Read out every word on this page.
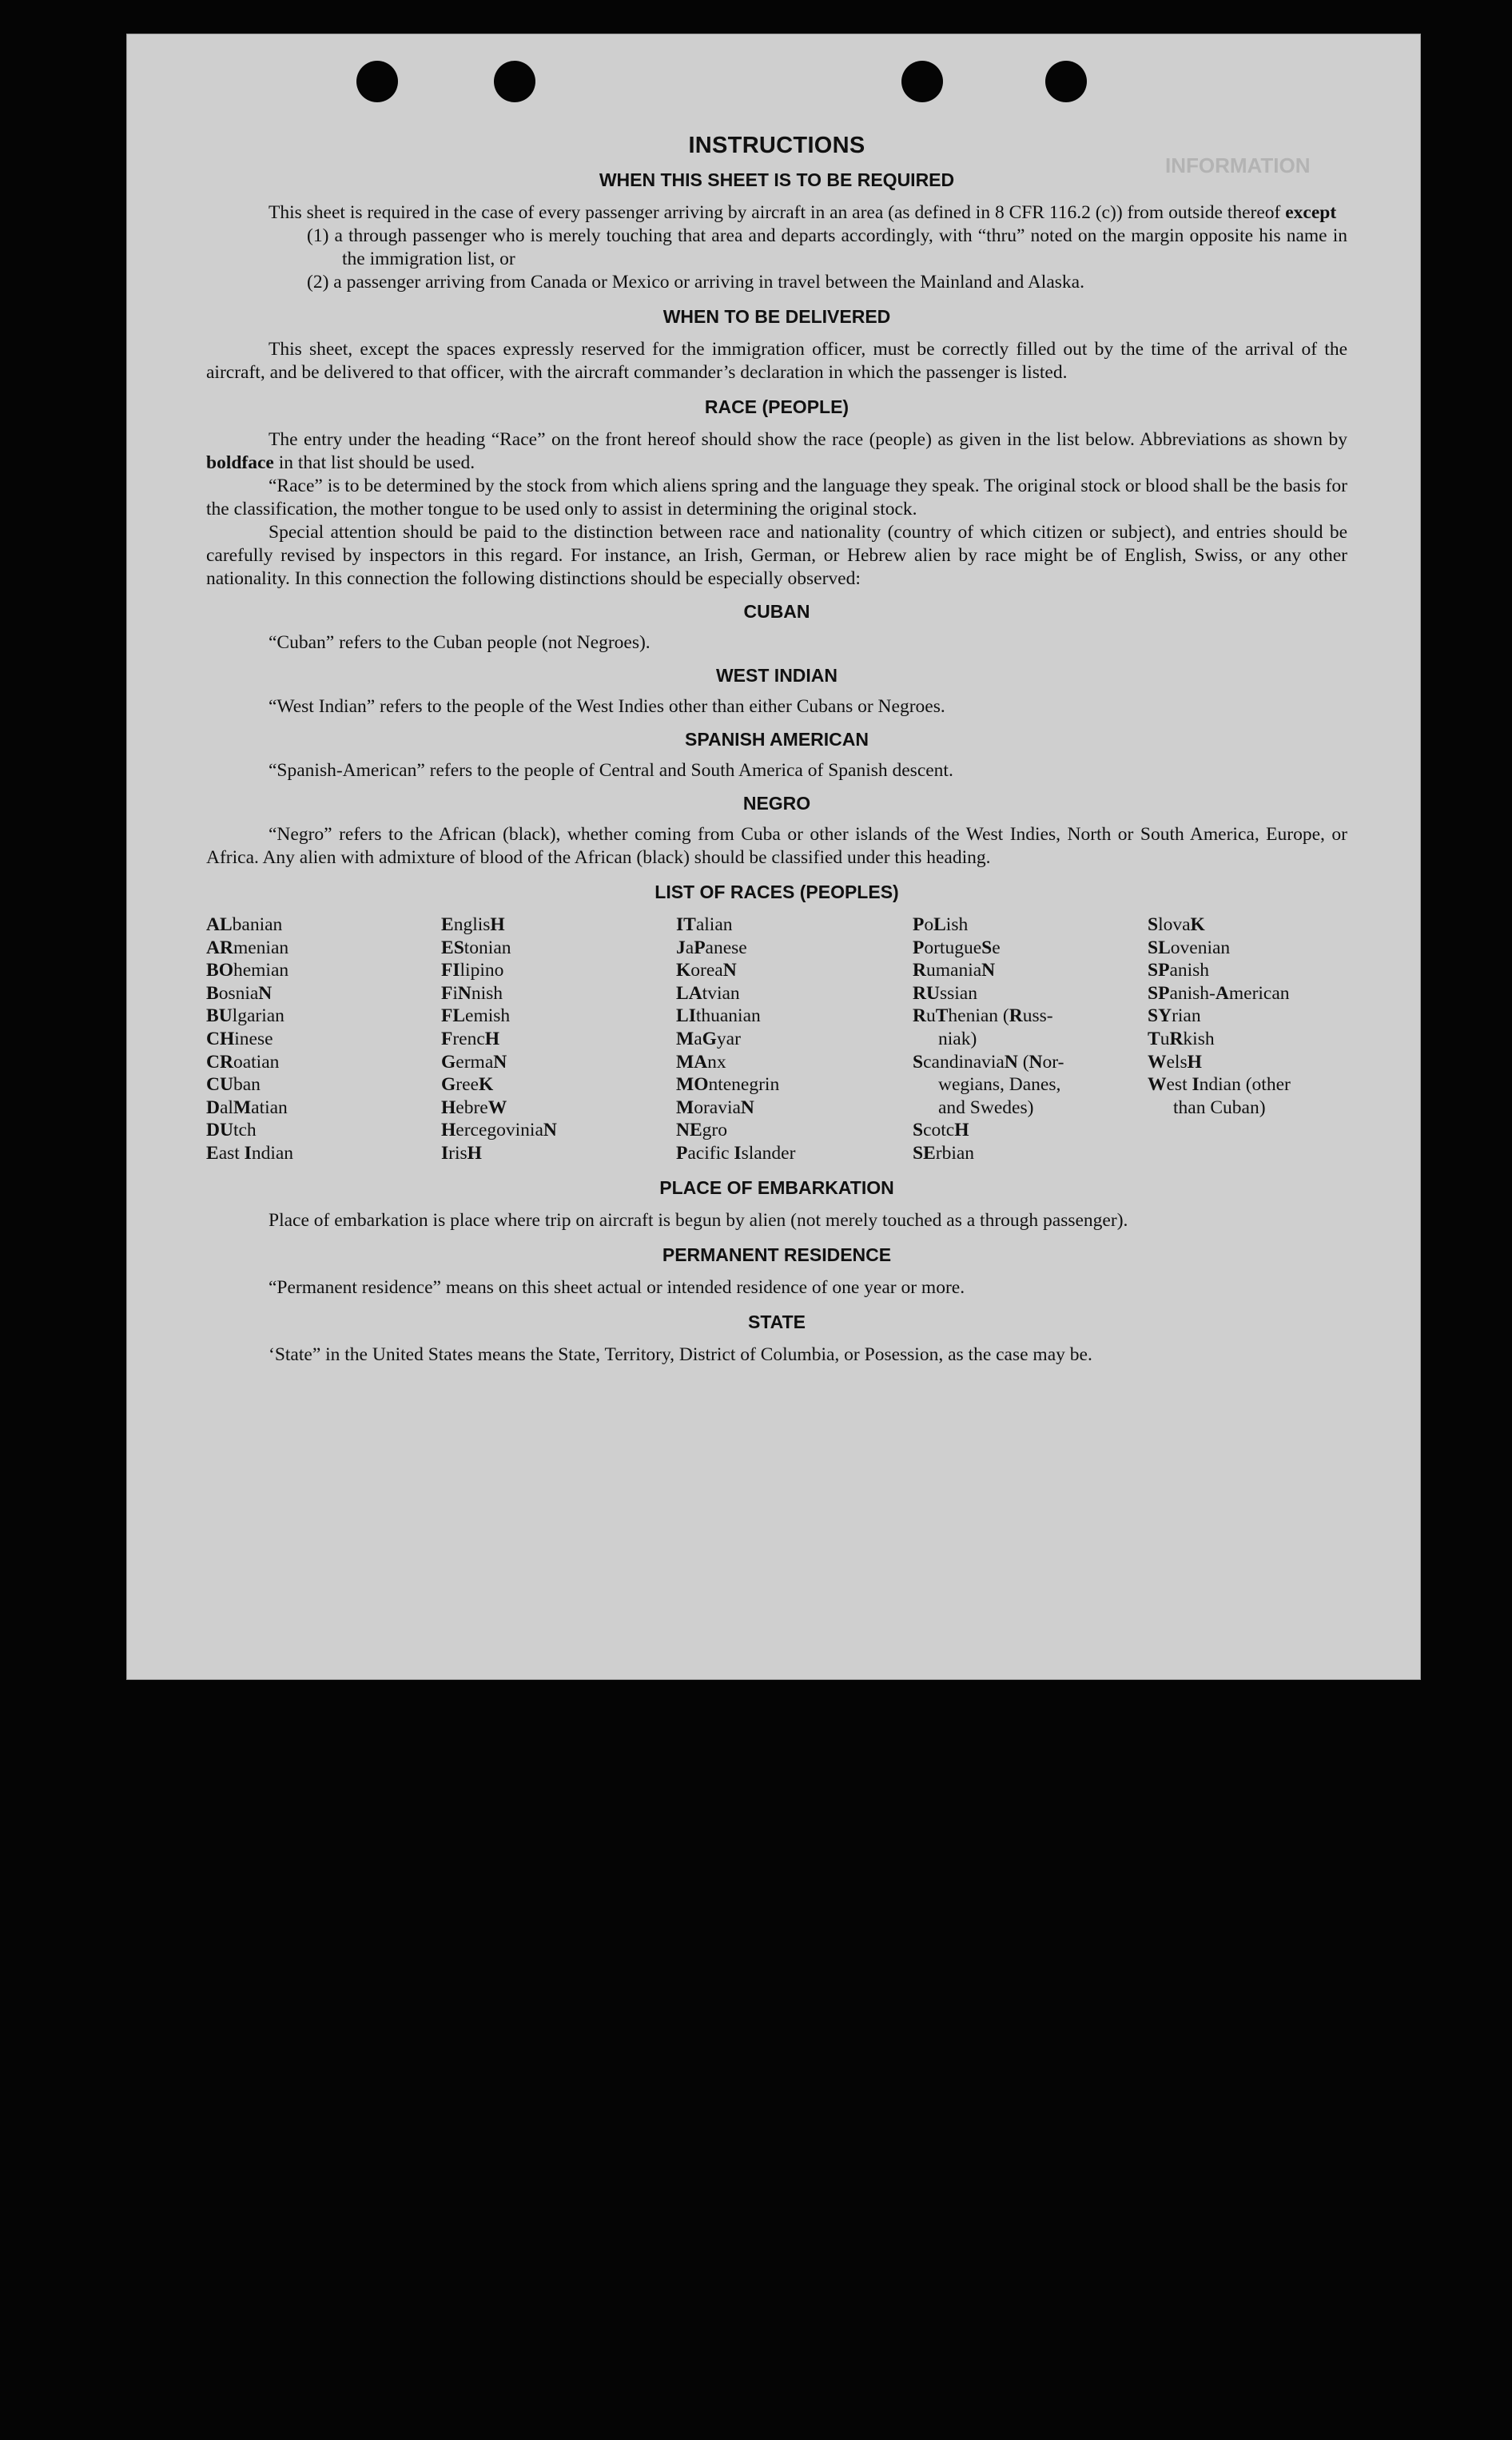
INFORMATION
INSTRUCTIONS
WHEN THIS SHEET IS TO BE REQUIRED

This sheet is required in the case of every passenger arriving by aircraft in an area (as defined in 8 CFR 116.2 (c)) from outside thereof except

(1) a through passenger who is merely touching that area and departs accordingly, with “thru” noted on the margin opposite his name in the immigration list, or
(2) a passenger arriving from Canada or Mexico or arriving in travel between the Mainland and Alaska.
WHEN TO BE DELIVERED

This sheet, except the spaces expressly reserved for the immigration officer, must be correctly filled out by the time of the arrival of the aircraft, and be delivered to that officer, with the aircraft commander’s declaration in which the passenger is listed.

RACE (PEOPLE)

The entry under the heading “Race” on the front hereof should show the race (people) as given in the list below. Abbreviations as shown by boldface in that list should be used.

“Race” is to be determined by the stock from which aliens spring and the language they speak. The original stock or blood shall be the basis for the classification, the mother tongue to be used only to assist in determining the original stock.

Special attention should be paid to the distinction between race and nationality (country of which citizen or subject), and entries should be carefully revised by inspectors in this regard. For instance, an Irish, German, or Hebrew alien by race might be of English, Swiss, or any other nationality. In this connection the following distinctions should be especially observed:

CUBAN

“Cuban” refers to the Cuban people (not Negroes).

WEST INDIAN

“West Indian” refers to the people of the West Indies other than either Cubans or Negroes.

SPANISH AMERICAN

“Spanish-American” refers to the people of Central and South America of Spanish descent.

NEGRO

“Negro” refers to the African (black), whether coming from Cuba or other islands of the West Indies, North or South America, Europe, or Africa. Any alien with admixture of blood of the African (black) should be classified under this heading.

LIST OF RACES (PEOPLES)
ALbanian
ARmenian
BOhemian
BosniaN
BUlgarian
CHinese
CRoatian
CUban
DalMatian
DUtch
East Indian
EnglisH
EStonian
FIlipino
FiNnish
FLemish
FrencH
GermaN
GreeK
HebreW
HercegoviniaN
IrisH
ITalian
JaPanese
KoreaN
LAtvian
LIthuanian
MaGyar
MAnx
MOntenegrin
MoraviaN
NEgro
Pacific Islander
PoLish
PortugueSe
RumaniaN
RUssian
RuThenian (Russ-
niak)
ScandinaviaN (Nor-
wegians, Danes,
and Swedes)
ScotcH
SErbian
SlovaK
SLovenian
SPanish
SPanish-American
SYrian
TuRkish
WelsH
West Indian (other
than Cuban)
PLACE OF EMBARKATION

Place of embarkation is place where trip on aircraft is begun by alien (not merely touched as a through passenger).

PERMANENT RESIDENCE

“Permanent residence” means on this sheet actual or intended residence of one year or more.

STATE

‘State” in the United States means the State, Territory, District of Columbia, or Posession, as the case may be.
